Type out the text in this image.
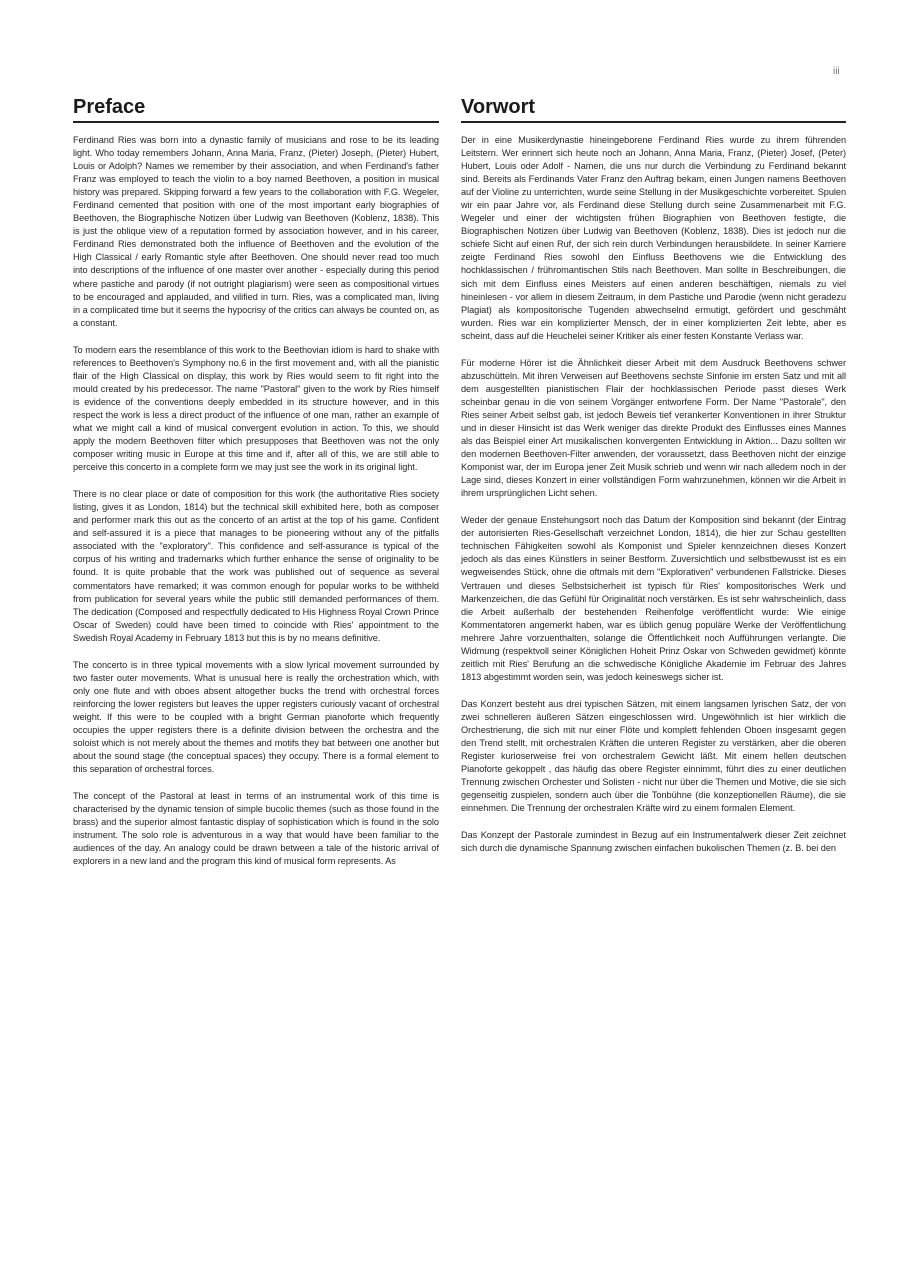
iii
Preface

Ferdinand Ries was born into a dynastic family of musicians and rose to be its leading light. Who today remembers Johann, Anna Maria, Franz, (Pieter) Joseph, (Pieter) Hubert, Louis or Adolph? Names we remember by their association, and when Ferdinand's father Franz was employed to teach the violin to a boy named Beethoven, a position in musical history was prepared. Skipping forward a few years to the collaboration with F.G. Wegeler, Ferdinand cemented that position with one of the most important early biographies of Beethoven, the Biographische Notizen über Ludwig van Beethoven (Koblenz, 1838). This is just the oblique view of a reputation formed by association however, and in his career, Ferdinand Ries demonstrated both the influence of Beethoven and the evolution of the High Classical / early Romantic style after Beethoven. One should never read too much into descriptions of the influence of one master over another - especially during this period where pastiche and parody (if not outright plagiarism) were seen as compositional virtues to be encouraged and applauded, and vilified in turn. Ries, was a complicated man, living in a complicated time but it seems the hypocrisy of the critics can always be counted on, as a constant.

To modern ears the resemblance of this work to the Beethovian idiom is hard to shake with references to Beethoven's Symphony no.6 in the first movement and, with all the pianistic flair of the High Classical on display, this work by Ries would seem to fit right into the mould created by his predecessor. The name "Pastoral" given to the work by Ries himself is evidence of the conventions deeply embedded in its structure however, and in this respect the work is less a direct product of the influence of one man, rather an example of what we might call a kind of musical convergent evolution in action. To this, we should apply the modern Beethoven filter which presupposes that Beethoven was not the only composer writing music in Europe at this time and if, after all of this, we are still able to perceive this concerto in a complete form we may just see the work in its original light.

There is no clear place or date of composition for this work (the authoritative Ries society listing, gives it as London, 1814) but the technical skill exhibited here, both as composer and performer mark this out as the concerto of an artist at the top of his game. Confident and self-assured it is a piece that manages to be pioneering without any of the pitfalls associated with the "exploratory". This confidence and self-assurance is typical of the corpus of his writing and trademarks which further enhance the sense of originality to be found. It is quite probable that the work was published out of sequence as several commentators have remarked; it was common enough for popular works to be withheld from publication for several years while the public still demanded performances of them. The dedication (Composed and respectfully dedicated to His Highness Royal Crown Prince Oscar of Sweden) could have been timed to coincide with Ries' appointment to the Swedish Royal Academy in February 1813 but this is by no means definitive.

The concerto is in three typical movements with a slow lyrical movement surrounded by two faster outer movements. What is unusual here is really the orchestration which, with only one flute and with oboes absent altogether bucks the trend with orchestral forces reinforcing the lower registers but leaves the upper registers curiously vacant of orchestral weight. If this were to be coupled with a bright German pianoforte which frequently occupies the upper registers there is a definite division between the orchestra and the soloist which is not merely about the themes and motifs they bat between one another but about the sound stage (the conceptual spaces) they occupy. There is a formal element to this separation of orchestral forces.

The concept of the Pastoral at least in terms of an instrumental work of this time is characterised by the dynamic tension of simple bucolic themes (such as those found in the brass) and the superior almost fantastic display of sophistication which is found in the solo instrument. The solo role is adventurous in a way that would have been familiar to the audiences of the day. An analogy could be drawn between a tale of the historic arrival of explorers in a new land and the program this kind of musical form represents. As

Vorwort

Der in eine Musikerdynastie hineingeborene Ferdinand Ries wurde zu ihrem führenden Leitstern. Wer erinnert sich heute noch an Johann, Anna Maria, Franz, (Pieter) Josef, (Peter) Hubert, Louis oder Adolf - Namen, die uns nur durch die Verbindung zu Ferdinand bekannt sind. Bereits als Ferdinands Vater Franz den Auftrag bekam, einen Jungen namens Beethoven auf der Violine zu unterrichten, wurde seine Stellung in der Musikgeschichte vorbereitet. Spulen wir ein paar Jahre vor, als Ferdinand diese Stellung durch seine Zusammenarbeit mit F.G. Wegeler und einer der wichtigsten frühen Biographien von Beethoven festigte, die Biographischen Notizen über Ludwig van Beethoven (Koblenz, 1838). Dies ist jedoch nur die schiefe Sicht auf einen Ruf, der sich rein durch Verbindungen herausbildete. In seiner Karriere zeigte Ferdinand Ries sowohl den Einfluss Beethovens wie die Entwicklung des hochklassischen / frühromantischen Stils nach Beethoven. Man sollte in Beschreibungen, die sich mit dem Einfluss eines Meisters auf einen anderen beschäftigen, niemals zu viel hineinlesen - vor allem in diesem Zeitraum, in dem Pastiche und Parodie (wenn nicht geradezu Plagiat) als kompositorische Tugenden abwechselnd ermutigt, gefördert und geschmäht wurden. Ries war ein komplizierter Mensch, der in einer komplizierten Zeit lebte, aber es scheint, dass auf die Heuchelei seiner Kritiker als einer festen Konstante Verlass war.

Für moderne Hörer ist die Ähnlichkeit dieser Arbeit mit dem Ausdruck Beethovens schwer abzuschütteln. Mit ihren Verweisen auf Beethovens sechste Sinfonie im ersten Satz und mit all dem ausgestellten pianistischen Flair der hochklassischen Periode passt dieses Werk scheinbar genau in die von seinem Vorgänger entworfene Form. Der Name "Pastorale", den Ries seiner Arbeit selbst gab, ist jedoch Beweis tief verankerter Konventionen in ihrer Struktur und in dieser Hinsicht ist das Werk weniger das direkte Produkt des Einflusses eines Mannes als das Beispiel einer Art musikalischen konvergenten Entwicklung in Aktion... Dazu sollten wir den modernen Beethoven-Filter anwenden, der voraussetzt, dass Beethoven nicht der einzige Komponist war, der im Europa jener Zeit Musik schrieb und wenn wir nach alledem noch in der Lage sind, dieses Konzert in einer vollständigen Form wahrzunehmen, können wir die Arbeit in ihrem ursprünglichen Licht sehen.

Weder der genaue Enstehungsort noch das Datum der Komposition sind bekannt (der Eintrag der autorisierten Ries-Gesellschaft verzeichnet London, 1814), die hier zur Schau gestellten technischen Fähigkeiten sowohl als Komponist und Spieler kennzeichnen dieses Konzert jedoch als das eines Künstlers in seiner Bestform. Zuversichtlich und selbstbewusst ist es ein wegweisendes Stück, ohne die oftmals mit dem "Explorativen" verbundenen Fallstricke. Dieses Vertrauen und dieses Selbstsicherheit ist typisch für Ries' kompositorisches Werk und Markenzeichen, die das Gefühl für Originalität noch verstärken. Es ist sehr wahrscheinlich, dass die Arbeit außerhalb der bestehenden Reihenfolge veröffentlicht wurde: Wie einige Kommentatoren angemerkt haben, war es üblich genug populäre Werke der Veröffentlichung mehrere Jahre vorzuenthalten, solange die Öffentlichkeit noch Aufführungen verlangte. Die Widmung (respektvoll seiner Königlichen Hoheit Prinz Oskar von Schweden gewidmet) könnte zeitlich mit Ries' Berufung an die schwedische Königliche Akademie im Februar des Jahres 1813 abgestimmt worden sein, was jedoch keineswegs sicher ist.

Das Konzert besteht aus drei typischen Sätzen, mit einem langsamen lyrischen Satz, der von zwei schnelleren äußeren Sätzen eingeschlossen wird. Ungewöhnlich ist hier wirklich die Orchestrierung, die sich mit nur einer Flöte und komplett fehlenden Oboen insgesamt gegen den Trend stellt, mit orchestralen Kräften die unteren Register zu verstärken, aber die oberen Register kurioserweise frei von orchestralem Gewicht läßt. Mit einem hellen deutschen Pianoforte gekoppelt , das häufig das obere Register einnimmt, führt dies zu einer deutlichen Trennung zwischen Orchester und Solisten - nicht nur über die Themen und Motive, die sie sich gegenseitig zuspielen, sondern auch über die Tonbühne (die konzeptionellen Räume), die sie einnehmen. Die Trennung der orchestralen Kräfte wird zu einem formalen Element.

Das Konzept der Pastorale zumindest in Bezug auf ein Instrumentalwerk dieser Zeit zeichnet sich durch die dynamische Spannung zwischen einfachen bukolischen Themen (z. B. bei den
